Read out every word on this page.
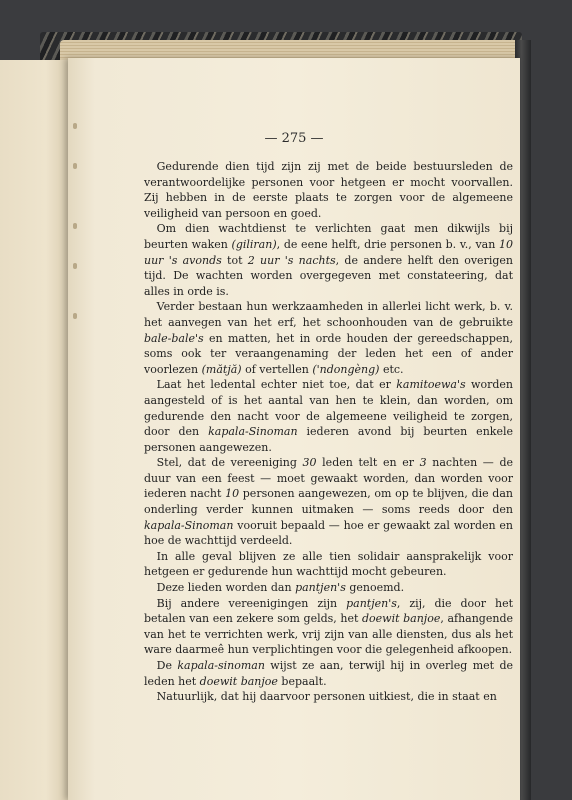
— 275 —

Gedurende dien tijd zijn zij met de beide bestuursleden de verantwoordelijke personen voor hetgeen er mocht voorvallen. Zij hebben in de eerste plaats te zorgen voor de algemeene veiligheid van persoon en goed.

Om dien wachtdienst te verlichten gaat men dikwijls bij beurten waken (giliran), de eene helft, drie personen b. v., van 10 uur 's avonds tot 2 uur 's nachts, de andere helft den overigen tijd. De wachten worden overgegeven met constateering, dat alles in orde is.

Verder bestaan hun werkzaamheden in allerlei licht werk, b. v. het aanvegen van het erf, het schoonhouden van de gebruikte bale-bale's en matten, het in orde houden der gereedschappen, soms ook ter veraangenaming der leden het een of ander voorlezen (mătjă) of vertellen ('ndongèng) etc.

Laat het ledental echter niet toe, dat er kamitoewa's worden aangesteld of is het aantal van hen te klein, dan worden, om gedurende den nacht voor de algemeene veiligheid te zorgen, door den kapala-Sinoman iederen avond bij beurten enkele personen aangewezen.

Stel, dat de vereeniging 30 leden telt en er 3 nachten — de duur van een feest — moet gewaakt worden, dan worden voor iederen nacht 10 personen aangewezen, om op te blijven, die dan onderling verder kunnen uitmaken — soms reeds door den kapala-Sinoman vooruit bepaald — hoe er gewaakt zal worden en hoe de wachttijd verdeeld.

In alle geval blijven ze alle tien solidair aansprakelijk voor hetgeen er gedurende hun wachttijd mocht gebeuren.

Deze lieden worden dan pantjen's genoemd.

Bij andere vereenigingen zijn pantjen's, zij, die door het betalen van een zekere som gelds, het doewit banjoe, afhangende van het te verrichten werk, vrij zijn van alle diensten, dus als het ware daarmeê hun verplichtingen voor die gelegenheid afkoopen.

De kapala-sinoman wijst ze aan, terwijl hij in overleg met de leden het doewit banjoe bepaalt.

Natuurlijk, dat hij daarvoor personen uitkiest, die in staat en
